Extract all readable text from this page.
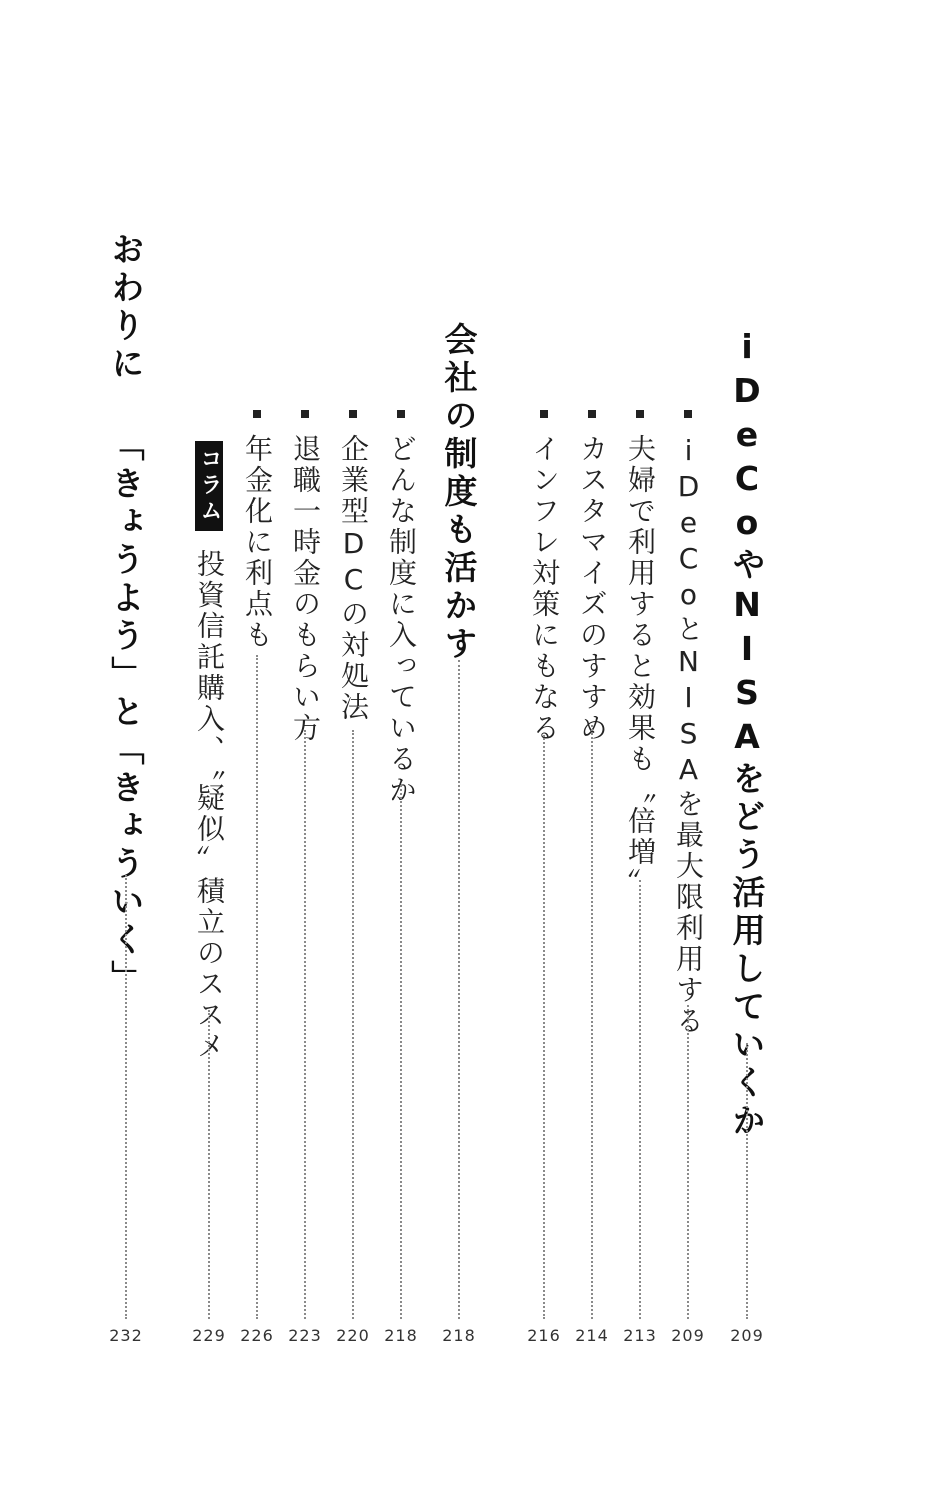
iDeCoやNISAをどう活用していくか
209
iDeCoとNISAを最大限利用する
209
夫婦で利用すると効果も〝倍増〟
213
カスタマイズのすすめ
214
インフレ対策にもなる
216
会社の制度も活かす
218
どんな制度に入っているか
218
企業型DCの対処法
220
退職一時金のもらい方
223
年金化に利点も
226
コラム投資信託購入、〝疑似〟積立のススメ
229
おわりに 「きょうよう」と「きょういく」
232
